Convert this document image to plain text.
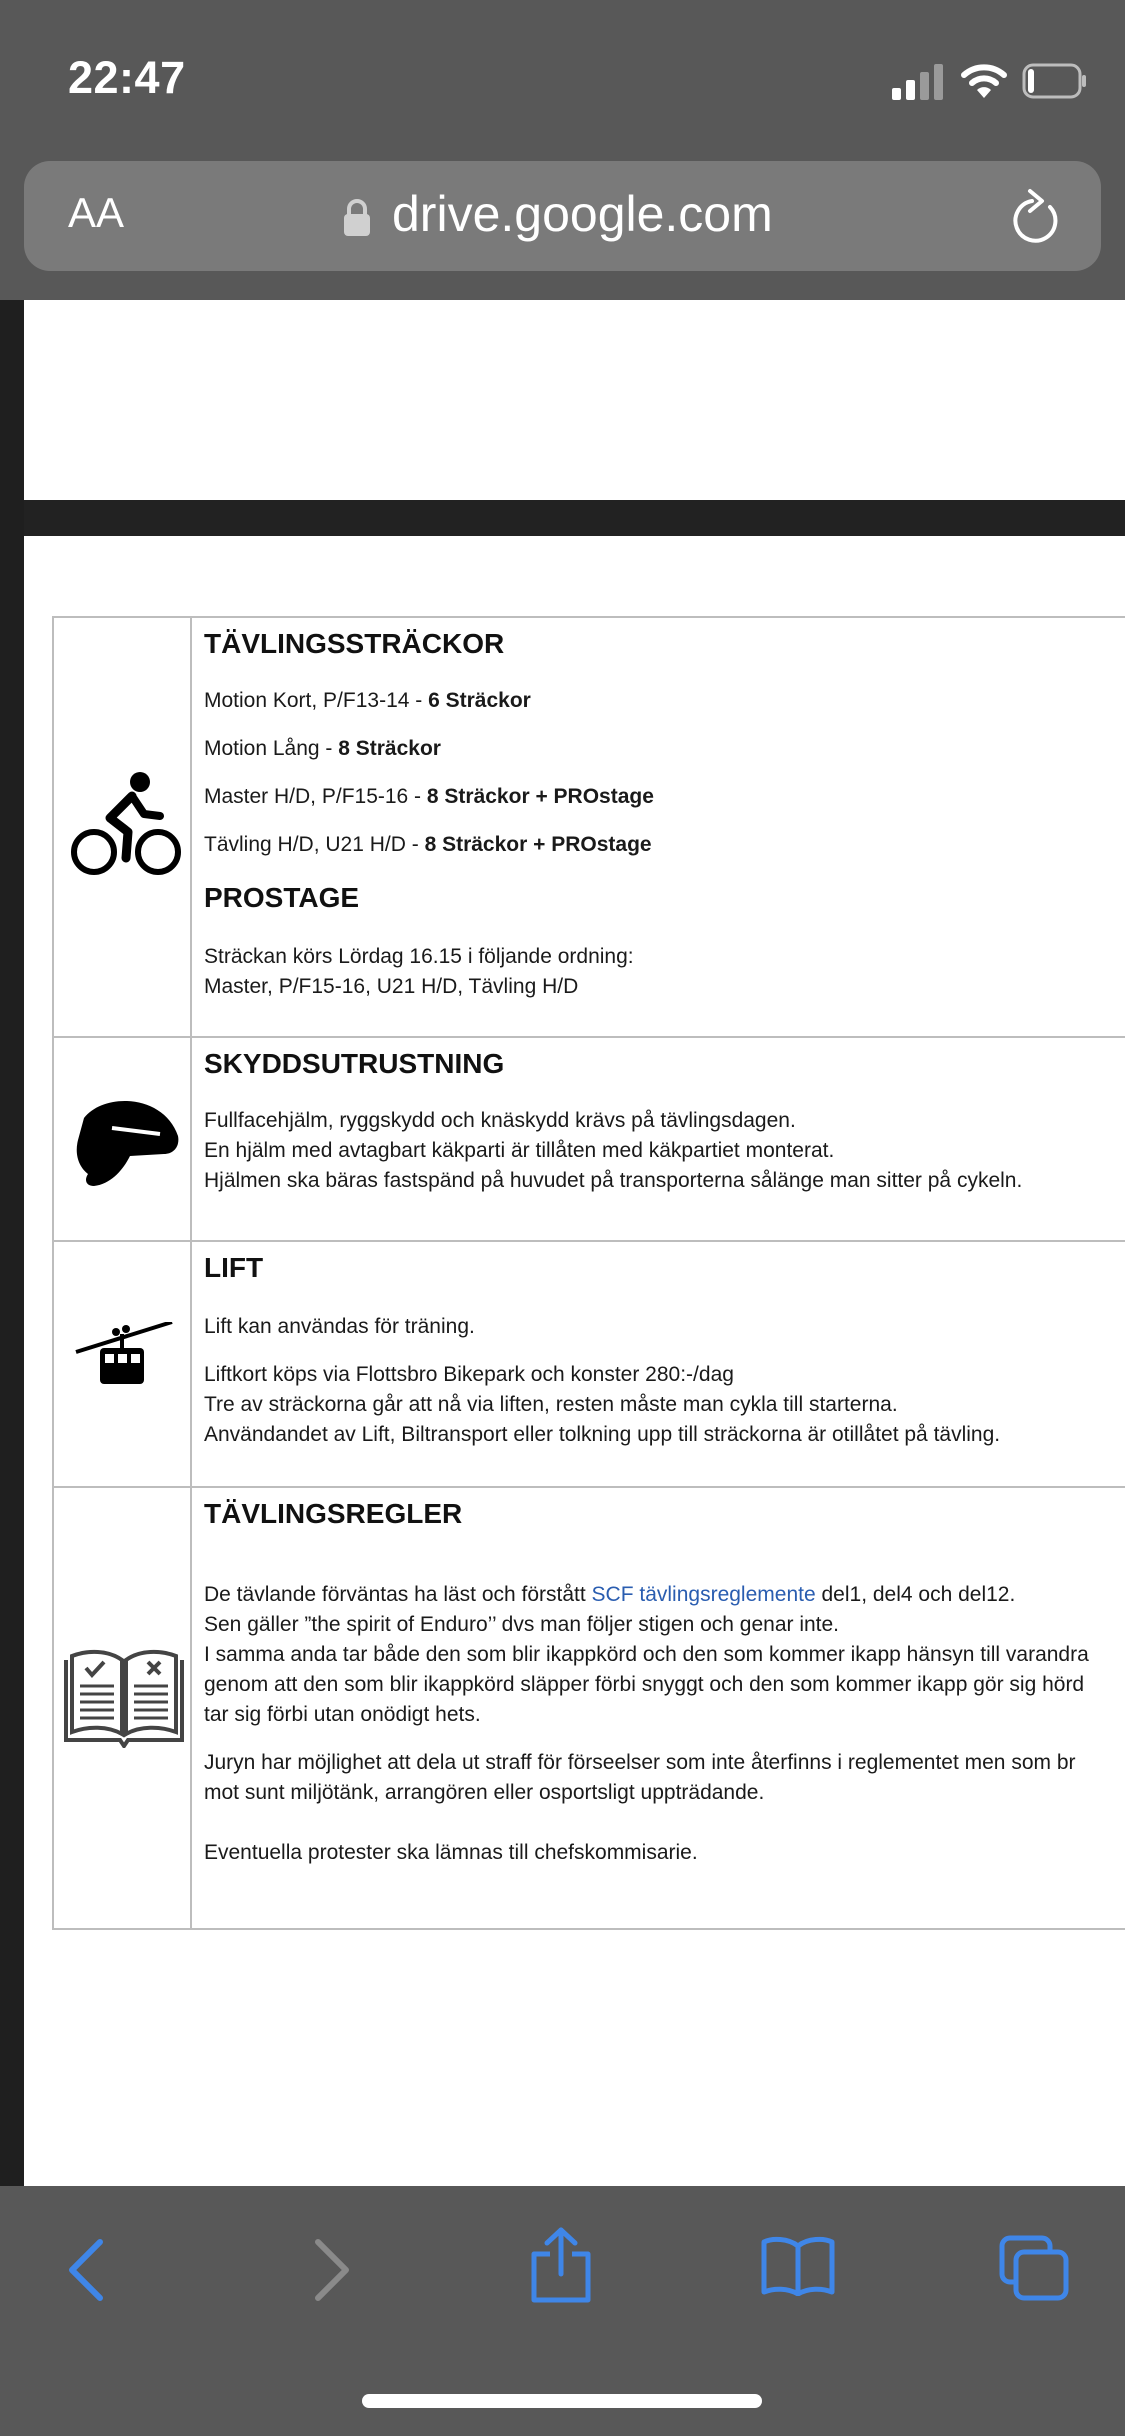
22:47
AA	drive.google.com
TÄVLINGSSTRÄCKOR
Motion Kort, P/F13-14 - 6 Sträckor
Motion Lång - 8 Sträckor
Master H/D, P/F15-16 - 8 Sträckor + PROstage
Tävling H/D, U21 H/D - 8 Sträckor + PROstage
PROSTAGE
Sträckan körs Lördag 16.15 i följande ordning:
Master, P/F15-16, U21 H/D, Tävling H/D
SKYDDSUTRUSTNING
Fullfacehjälm, ryggskydd och knäskydd krävs på tävlingsdagen.
En hjälm med avtagbart käkparti är tillåten med käkpartiet monterat.
Hjälmen ska bäras fastspänd på huvudet på transporterna sålänge man sitter på cykeln.
LIFT
Lift kan användas för träning.
Liftkort köps via Flottsbro Bikepark och konster 280:-/dag
Tre av sträckorna går att nå via liften, resten måste man cykla till starterna.
Användandet av Lift, Biltransport eller tolkning upp till sträckorna är otillåtet på tävling.
TÄVLINGSREGLER
De tävlande förväntas ha läst och förstått SCF tävlingsreglemente del1, del4 och del12.
Sen gäller ”the spirit of Enduro’’ dvs man följer stigen och genar inte.
I samma anda tar både den som blir ikappkörd och den som kommer ikapp hänsyn till varandra
genom att den som blir ikappkörd släpper förbi snyggt och den som kommer ikapp gör sig hörd
tar sig förbi utan onödigt hets.
Juryn har möjlighet att dela ut straff för förseelser som inte återfinns i reglementet men som br
mot sunt miljötänk, arrangören eller osportsligt uppträdande.
Eventuella protester ska lämnas till chefskommisarie.
